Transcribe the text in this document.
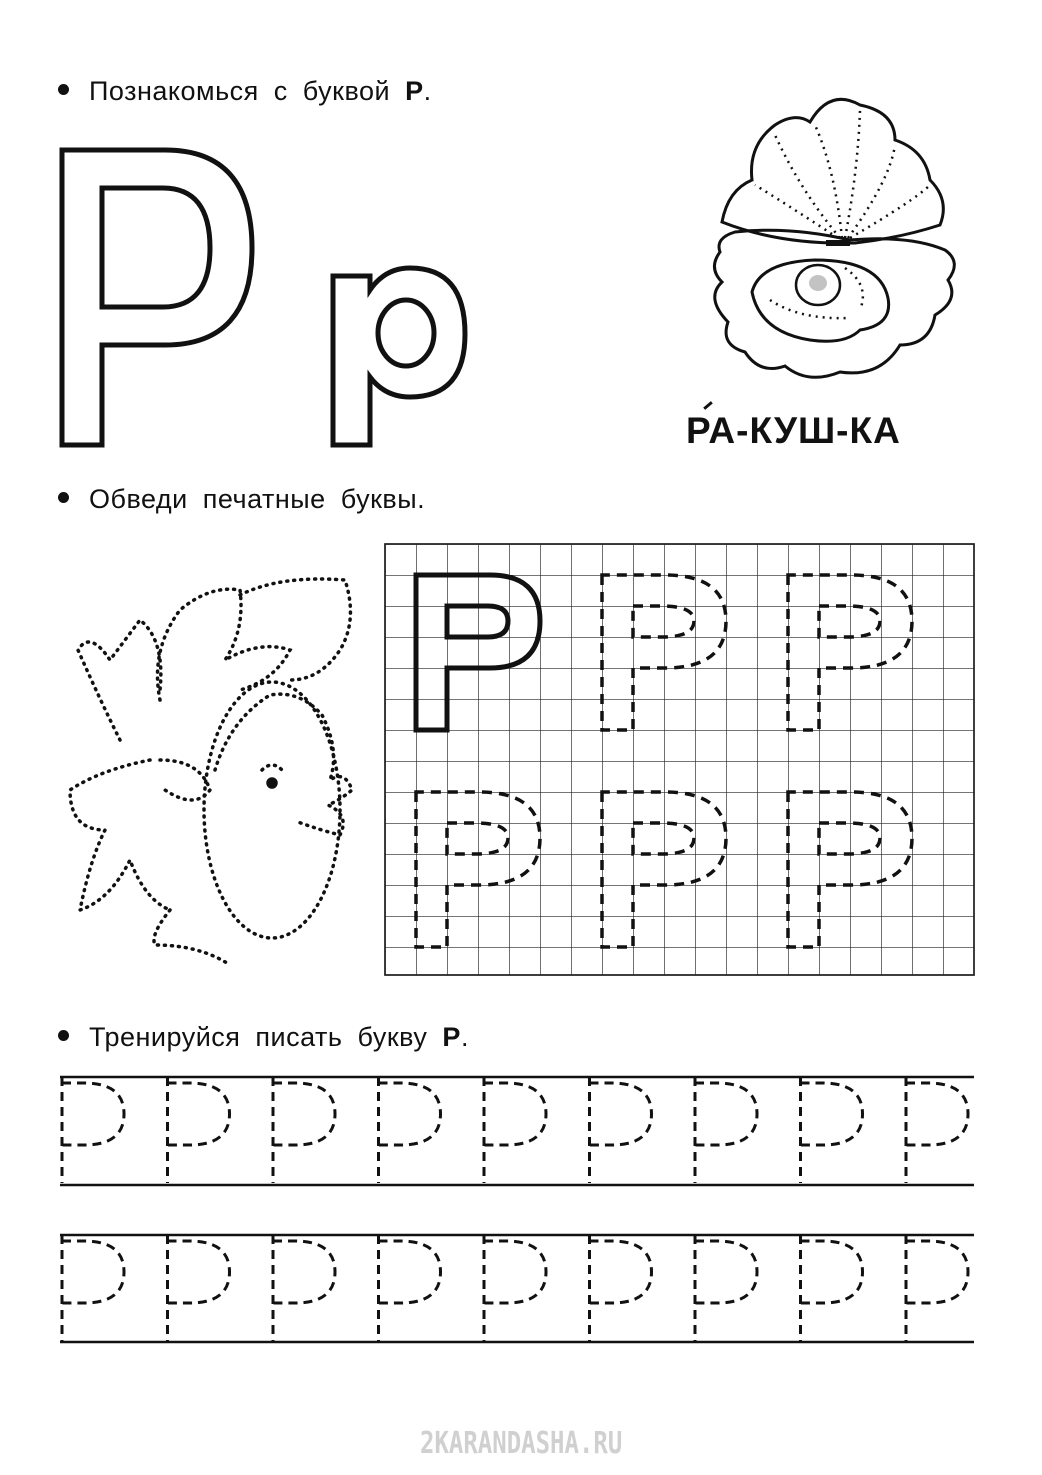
Познакомься с буквой Р.
Обведи печатные буквы.
Тренируйся писать букву Р.
РА-КУШ-КА
2KARANDASHA.RU
